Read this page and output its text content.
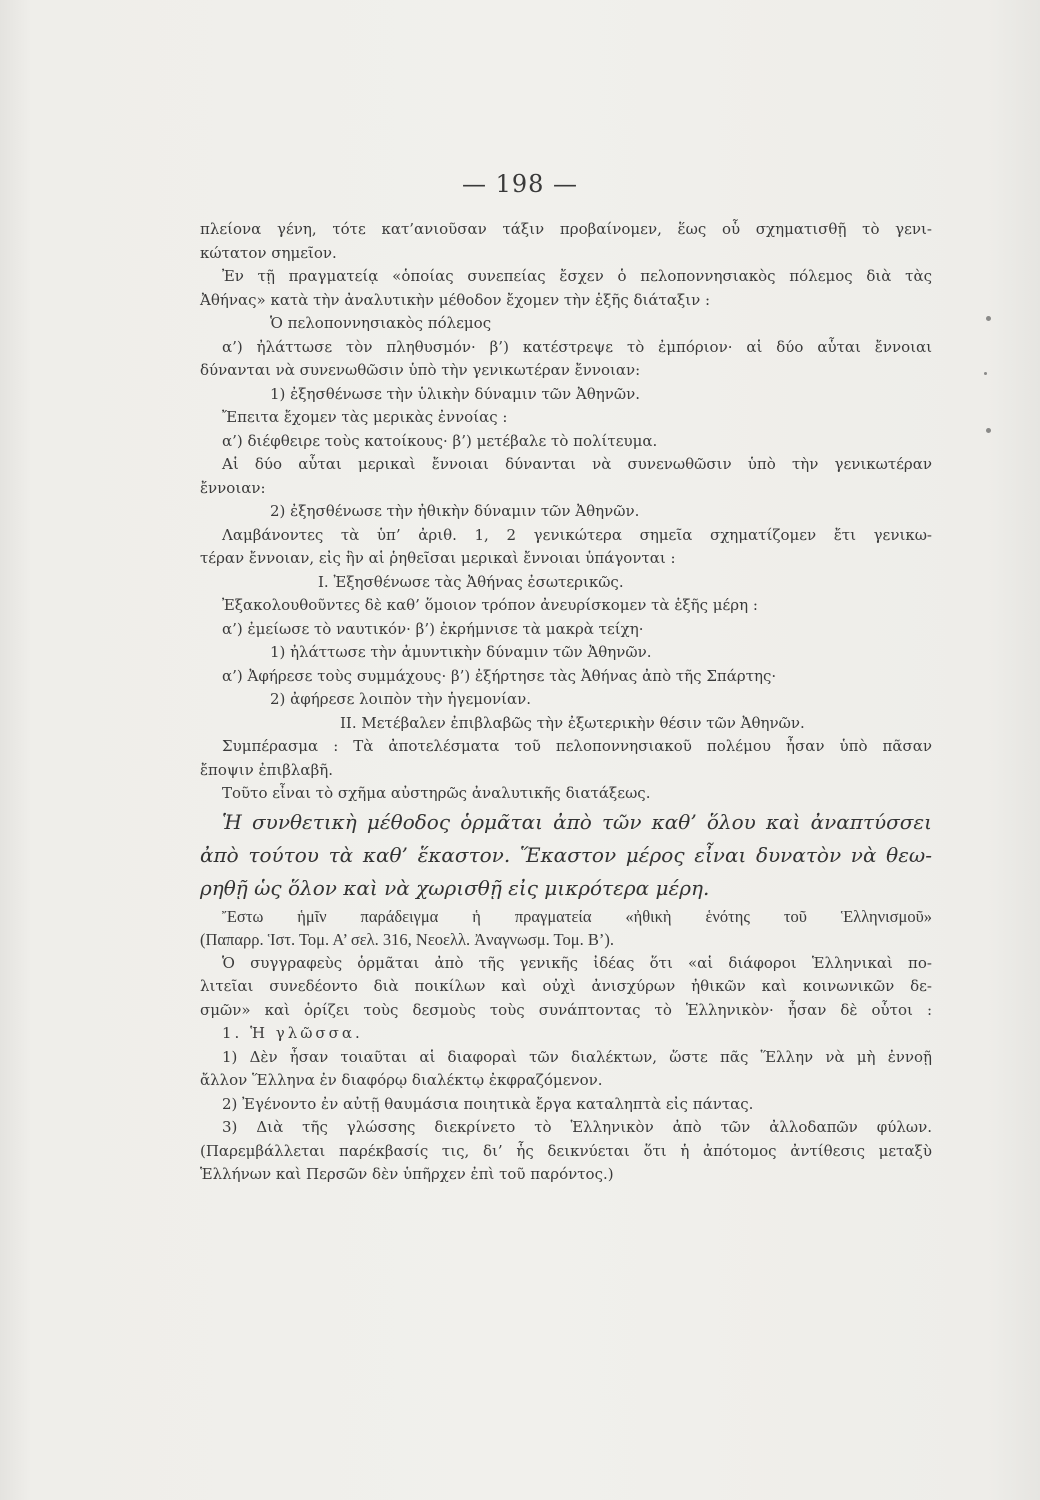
— 198 —

πλείονα γένη, τότε κατ’ανιοῦσαν τάξιν προβαίνομεν, ἕως οὗ σχηματισθῇ τὸ γενι-

κώτατον σημεῖον.

Ἐν τῇ πραγματείᾳ «ὁποίας συνεπείας ἔσχεν ὁ πελοποννησιακὸς πόλεμος διὰ τὰς

Ἀθήνας» κατὰ τὴν ἀναλυτικὴν μέθοδον ἔχομεν τὴν ἑξῆς διάταξιν :

Ὁ πελοποννησιακὸς πόλεμος

α’) ἠλάττωσε τὸν πληθυσμόν· β’) κατέστρεψε τὸ ἐμπόριον· αἱ δύο αὗται ἔννοιαι

δύνανται νὰ συνενωθῶσιν ὑπὸ τὴν γενικωτέραν ἔννοιαν:

1) ἐξησθένωσε τὴν ὑλικὴν δύναμιν τῶν Ἀθηνῶν.

Ἔπειτα ἔχομεν τὰς μερικὰς ἐννοίας :

α’) διέφθειρε τοὺς κατοίκους· β’) μετέβαλε τὸ πολίτευμα.

Αἱ δύο αὗται μερικαὶ ἔννοιαι δύνανται νὰ συνενωθῶσιν ὑπὸ τὴν γενικωτέραν

ἔννοιαν:

2) ἐξησθένωσε τὴν ἠθικὴν δύναμιν τῶν Ἀθηνῶν.

Λαμβάνοντες τὰ ὑπ’ ἀριθ. 1, 2 γενικώτερα σημεῖα σχηματίζομεν ἔτι γενικω-

τέραν ἔννοιαν, εἰς ἣν αἱ ῥηθεῖσαι μερικαὶ ἔννοιαι ὑπάγονται :

I. Ἐξησθένωσε τὰς Ἀθήνας ἐσωτερικῶς.

Ἐξακολουθοῦντες δὲ καθ’ ὅμοιον τρόπον ἀνευρίσκομεν τὰ ἑξῆς μέρη :

α’) ἐμείωσε τὸ ναυτικόν· β’) ἐκρήμνισε τὰ μακρὰ τείχη·

1) ἠλάττωσε τὴν ἀμυντικὴν δύναμιν τῶν Ἀθηνῶν.

α’) Ἀφήρεσε τοὺς συμμάχους· β’) ἐξήρτησε τὰς Ἀθήνας ἀπὸ τῆς Σπάρτης·

2) ἀφήρεσε λοιπὸν τὴν ἡγεμονίαν.

II. Μετέβαλεν ἐπιβλαβῶς τὴν ἐξωτερικὴν θέσιν τῶν Ἀθηνῶν.

Συμπέρασμα : Τὰ ἀποτελέσματα τοῦ πελοποννησιακοῦ πολέμου ἦσαν ὑπὸ πᾶσαν

ἔποψιν ἐπιβλαβῆ.

Τοῦτο εἶναι τὸ σχῆμα αὐστηρῶς ἀναλυτικῆς διατάξεως.

Ἡ συνθετικὴ μέθοδος ὁρμᾶται ἀπὸ τῶν καθ’ ὅλου καὶ ἀναπτύσσει

ἀπὸ τούτου τὰ καθ’ ἕκαστον. Ἕκαστον μέρος εἶναι δυνατὸν νὰ θεω-

ρηθῇ ὡς ὅλον καὶ νὰ χωρισθῇ εἰς μικρότερα μέρη.

Ἔστω ἡμῖν παράδειγμα ἡ πραγματεία «ἠθικὴ ἑνότης τοῦ Ἑλληνισμοῦ»

(Παπαρρ. Ἱστ. Τομ. Α’ σελ. 316, Νεοελλ. Ἀναγνωσμ. Τομ. Β’).

Ὁ συγγραφεὺς ὁρμᾶται ἀπὸ τῆς γενικῆς ἰδέας ὅτι «αἱ διάφοροι Ἑλληνικαὶ πο-

λιτεῖαι συνεδέοντο διὰ ποικίλων καὶ οὐχὶ ἀνισχύρων ἠθικῶν καὶ κοινωνικῶν δε-

σμῶν» καὶ ὁρίζει τοὺς δεσμοὺς τοὺς συνάπτοντας τὸ Ἑλληνικὸν· ἦσαν δὲ οὗτοι :

1. Ἡ γλῶσσα.

1) Δὲν ἦσαν τοιαῦται αἱ διαφοραὶ τῶν διαλέκτων, ὥστε πᾶς Ἕλλην νὰ μὴ ἐννοῇ

ἄλλον Ἕλληνα ἐν διαφόρῳ διαλέκτῳ ἐκφραζόμενον.

2) Ἐγένοντο ἐν αὐτῇ θαυμάσια ποιητικὰ ἔργα καταληπτὰ εἰς πάντας.

3) Διὰ τῆς γλώσσης διεκρίνετο τὸ Ἑλληνικὸν ἀπὸ τῶν ἀλλοδαπῶν φύλων.

(Παρεμβάλλεται παρέκβασίς τις, δι’ ἧς δεικνύεται ὅτι ἡ ἀπότομος ἀντίθεσις μεταξὺ

Ἑλλήνων καὶ Περσῶν δὲν ὑπῆρχεν ἐπὶ τοῦ παρόντος.)
